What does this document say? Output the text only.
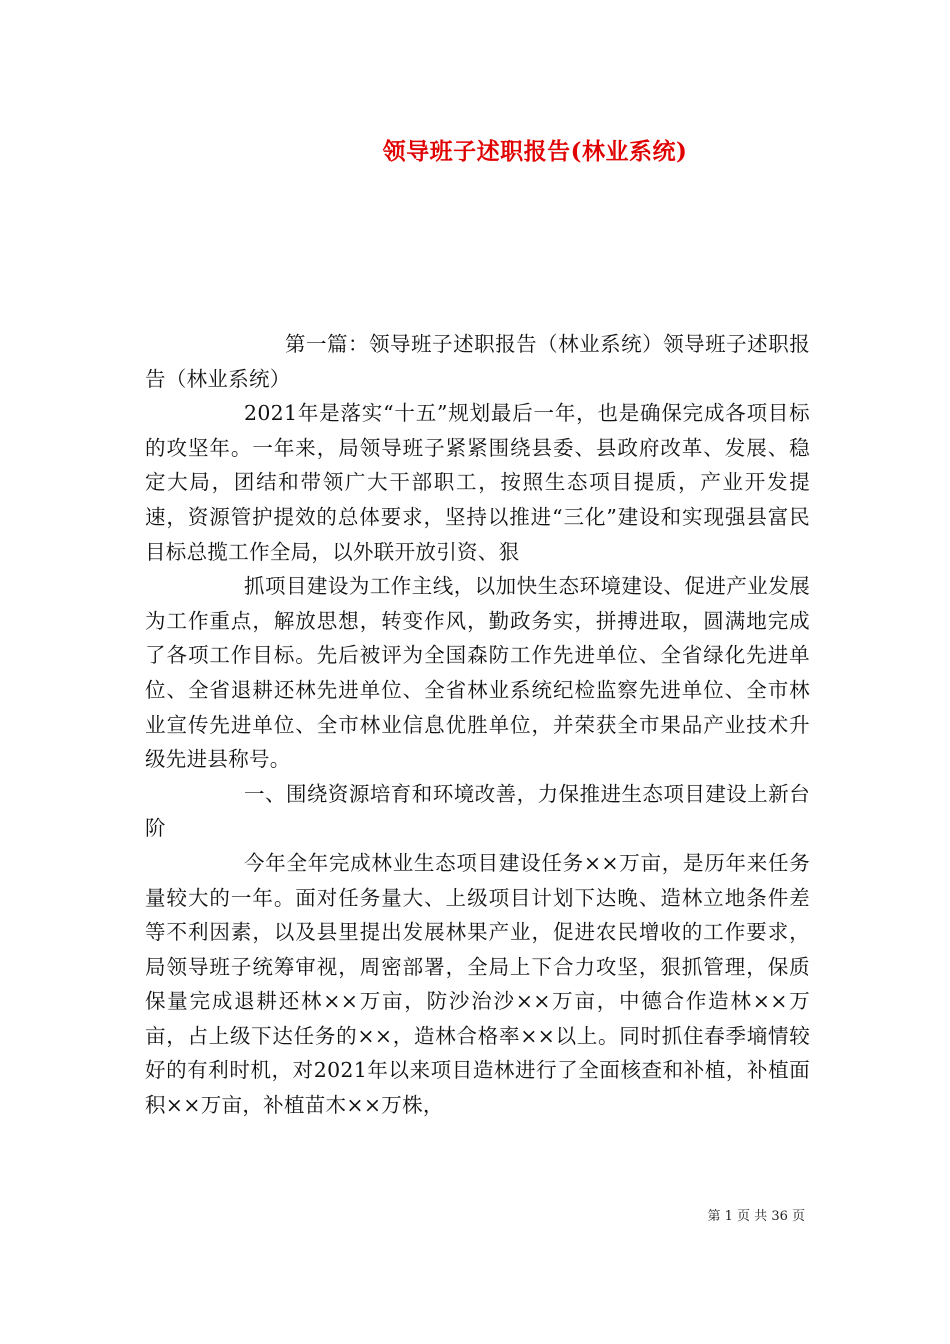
领导班子述职报告(林业系统)

第一篇：领导班子述职报告（林业系统）领导班子述职报告（林业系统）

2021年是落实“十五”规划最后一年，也是确保完成各项目标的攻坚年。一年来，局领导班子紧紧围绕县委、县政府改革、发展、稳定大局，团结和带领广大干部职工，按照生态项目提质，产业开发提速，资源管护提效的总体要求，坚持以推进“三化”建设和实现强县富民目标总揽工作全局，以外联开放引资、狠

抓项目建设为工作主线，以加快生态环境建设、促进产业发展为工作重点，解放思想，转变作风，勤政务实，拼搏进取，圆满地完成了各项工作目标。先后被评为全国森防工作先进单位、全省绿化先进单位、全省退耕还林先进单位、全省林业系统纪检监察先进单位、全市林业宣传先进单位、全市林业信息优胜单位，并荣获全市果品产业技术升级先进县称号。

一、围绕资源培育和环境改善，力保推进生态项目建设上新台阶

今年全年完成林业生态项目建设任务××万亩，是历年来任务量较大的一年。面对任务量大、上级项目计划下达晚、造林立地条件差等不利因素，以及县里提出发展林果产业，促进农民增收的工作要求，局领导班子统筹审视，周密部署，全局上下合力攻坚，狠抓管理，保质保量完成退耕还林××万亩，防沙治沙××万亩，中德合作造林××万亩，占上级下达任务的××，造林合格率××以上。同时抓住春季墒情较好的有利时机，对2021年以来项目造林进行了全面核查和补植，补植面积××万亩，补植苗木××万株，

第 1 页 共 36 页
